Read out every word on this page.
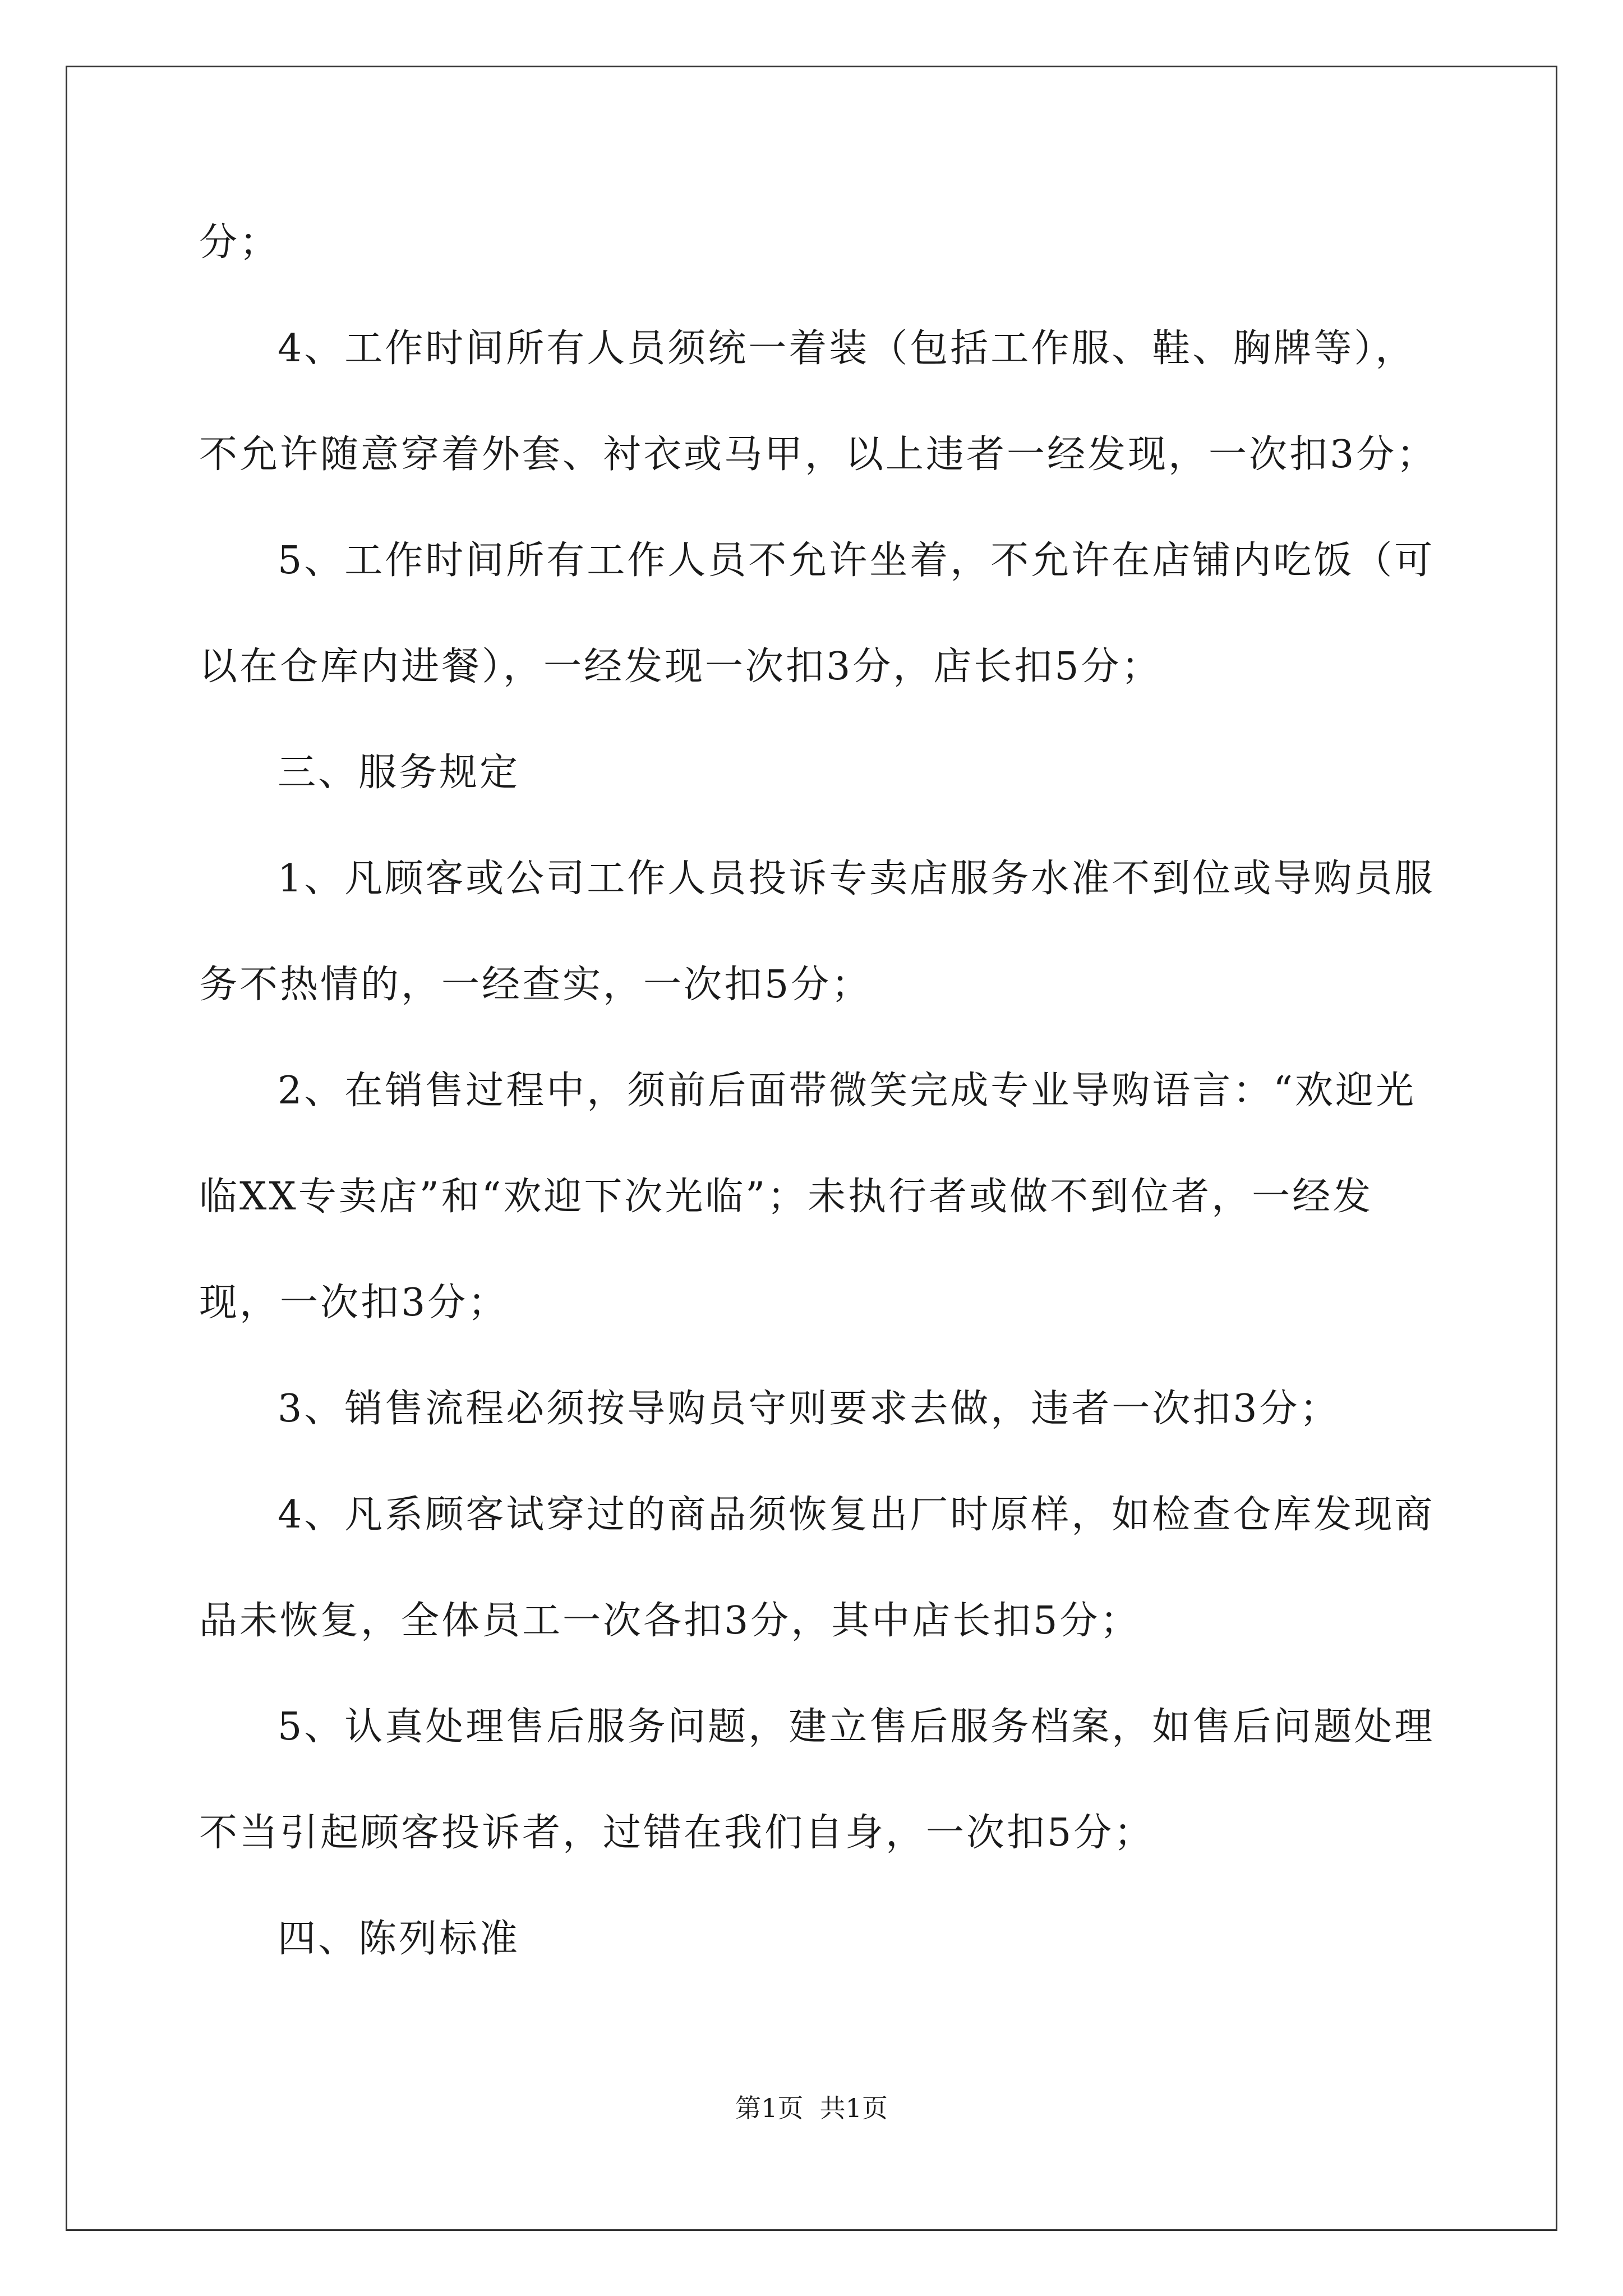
分；
4、工作时间所有人员须统一着装（包括工作服、鞋、胸牌等），
不允许随意穿着外套、衬衣或马甲，以上违者一经发现，一次扣3分；
5、工作时间所有工作人员不允许坐着，不允许在店铺内吃饭（可
以在仓库内进餐），一经发现一次扣3分，店长扣5分；
三、服务规定
1、凡顾客或公司工作人员投诉专卖店服务水准不到位或导购员服
务不热情的，一经查实，一次扣5分；
2、在销售过程中，须前后面带微笑完成专业导购语言：“欢迎光
临XX专卖店”和“欢迎下次光临”；未执行者或做不到位者，一经发
现，一次扣3分；
3、销售流程必须按导购员守则要求去做，违者一次扣3分；
4、凡系顾客试穿过的商品须恢复出厂时原样，如检查仓库发现商
品未恢复，全体员工一次各扣3分，其中店长扣5分；
5、认真处理售后服务问题，建立售后服务档案，如售后问题处理
不当引起顾客投诉者，过错在我们自身，一次扣5分；
四、陈列标准
第1页  共1页
